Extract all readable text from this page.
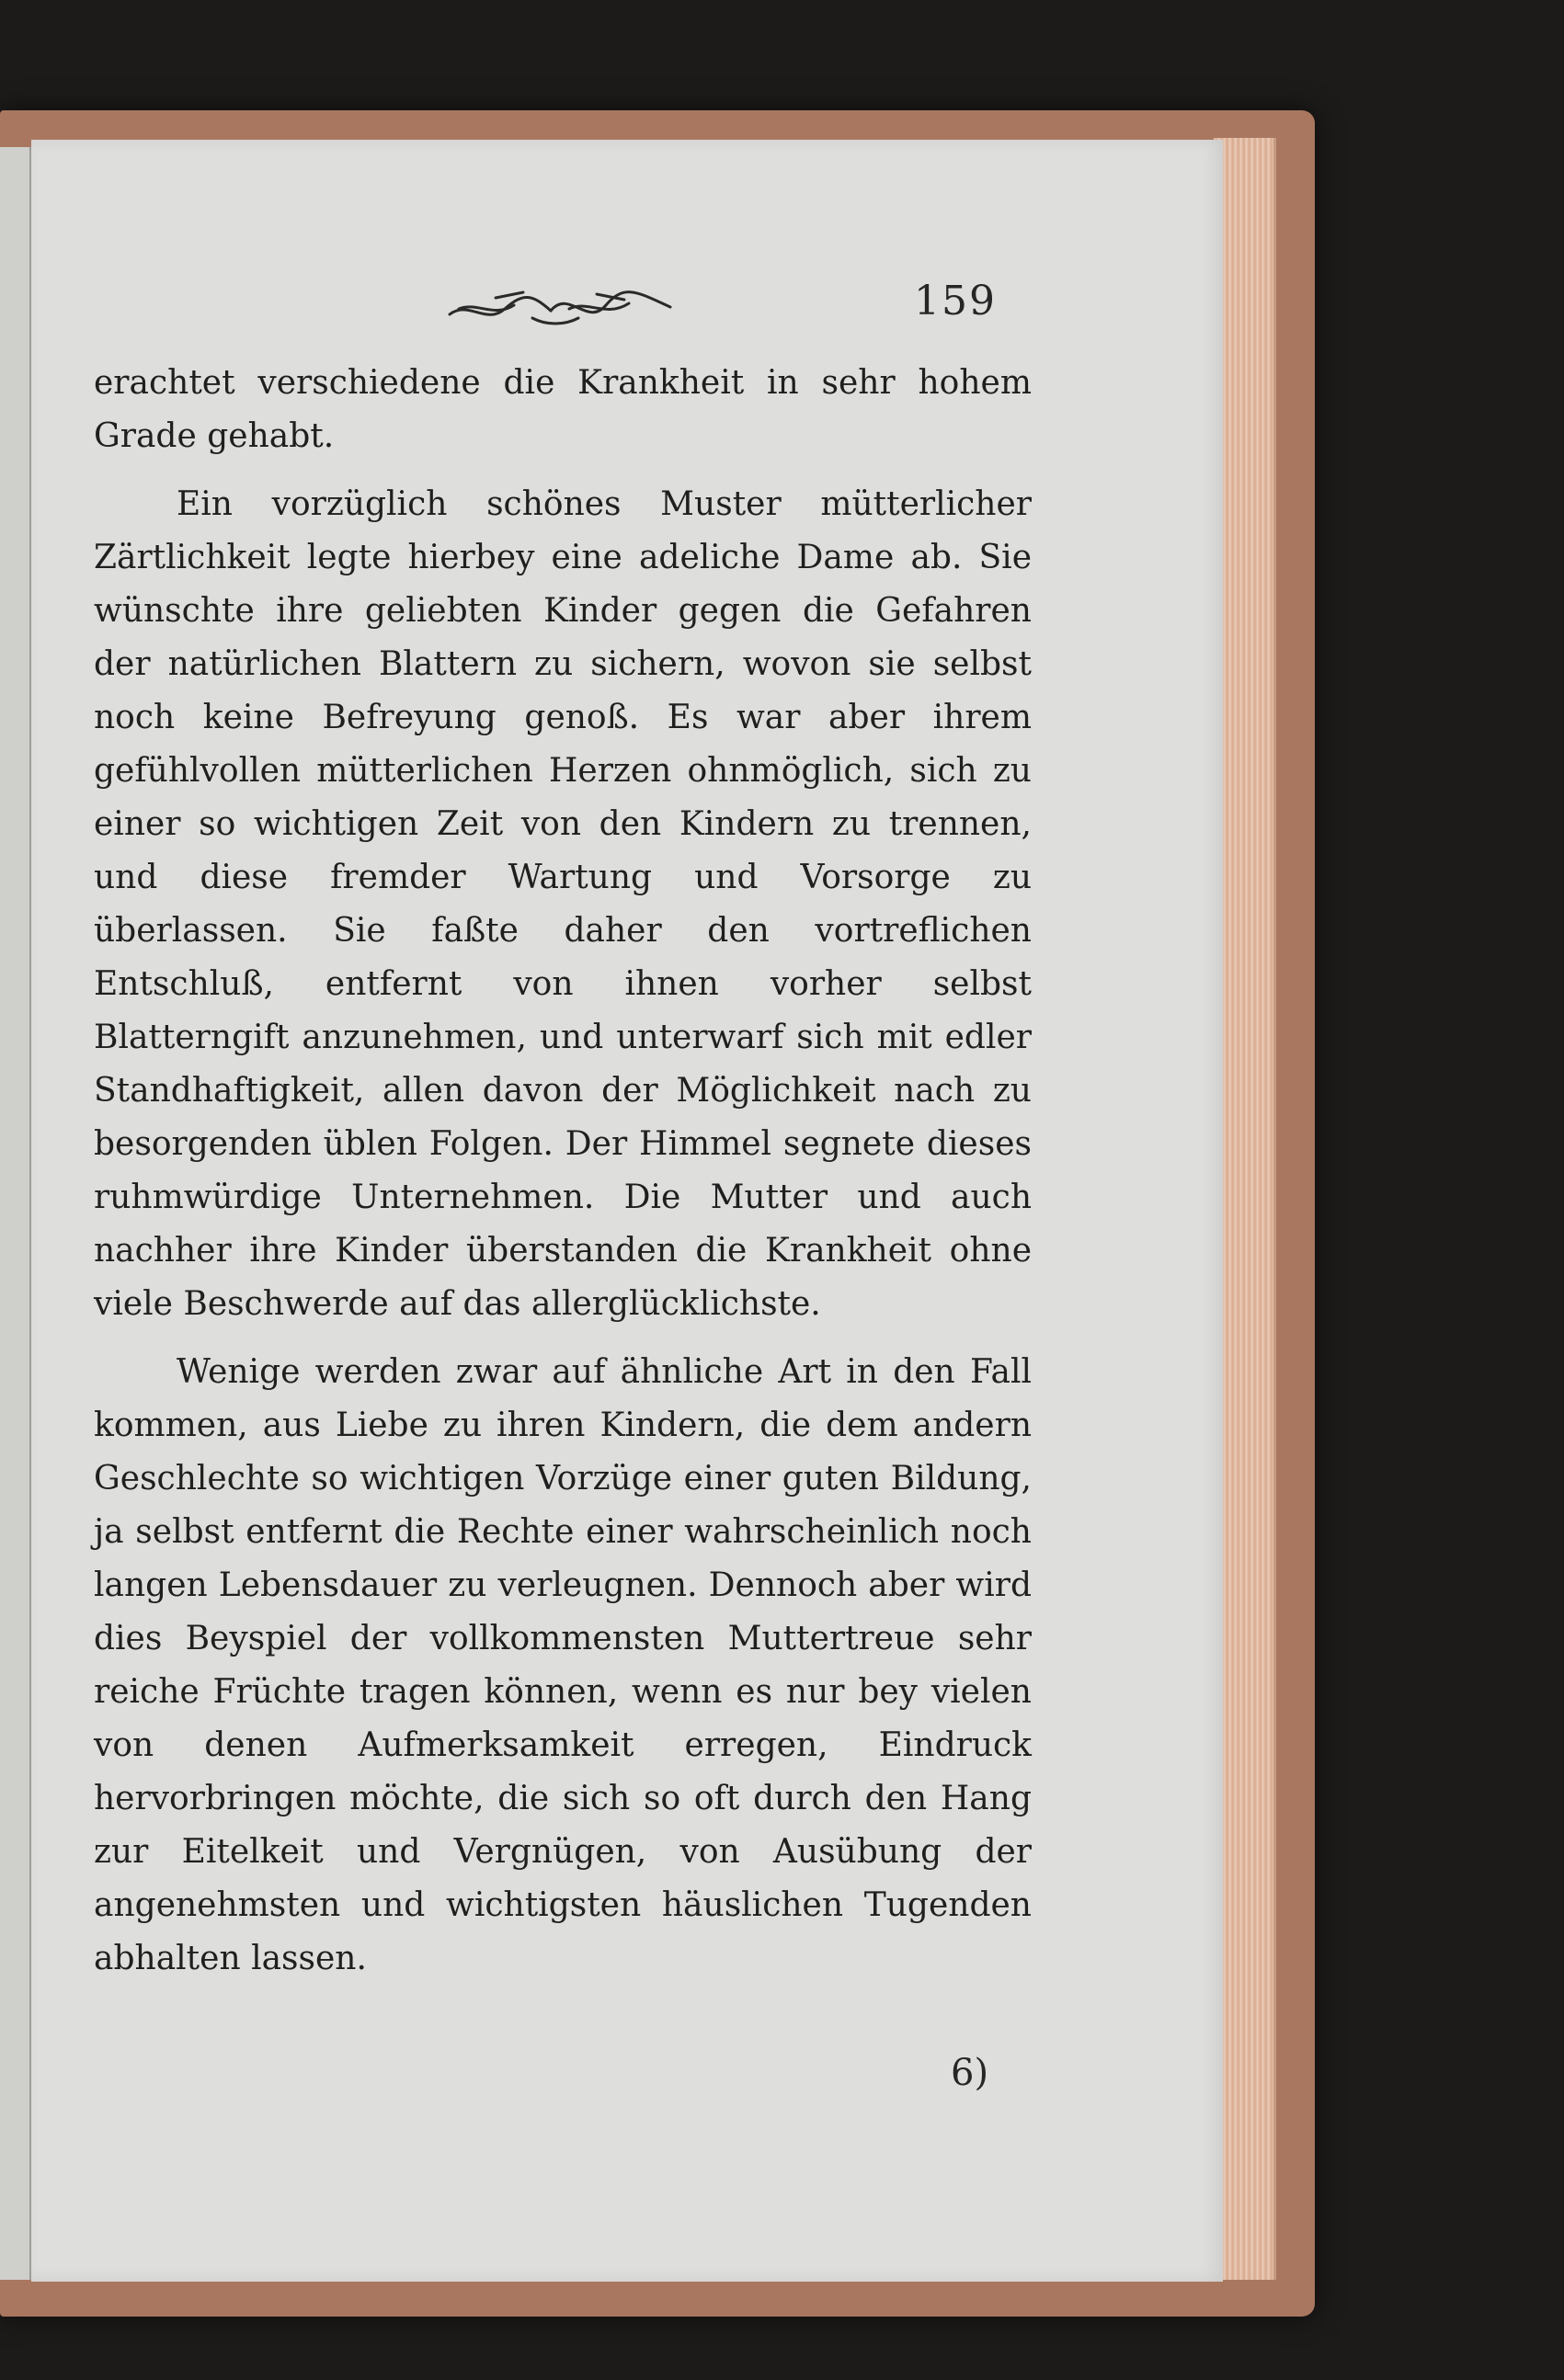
159

erachtet verschiedene die Krankheit in sehr hohem Grade gehabt.

Ein vorzüglich schönes Muster mütterlicher Zärtlichkeit legte hierbey eine adeliche Dame ab. Sie wünschte ihre geliebten Kinder gegen die Gefahren der natürlichen Blattern zu sichern, wovon sie selbst noch keine Befreyung genoß. Es war aber ihrem gefühlvollen mütterlichen Herzen ohnmöglich, sich zu einer so wichtigen Zeit von den Kindern zu trennen, und diese fremder Wartung und Vorsorge zu überlassen. Sie faßte daher den vortreflichen Entschluß, entfernt von ihnen vorher selbst Blatterngift anzunehmen, und unterwarf sich mit edler Standhaftigkeit, allen davon der Möglichkeit nach zu besorgenden üblen Folgen. Der Himmel segnete dieses ruhmwürdige Unternehmen. Die Mutter und auch nachher ihre Kinder überstanden die Krankheit ohne viele Beschwerde auf das allerglücklichste.

Wenige werden zwar auf ähnliche Art in den Fall kommen, aus Liebe zu ihren Kindern, die dem andern Geschlechte so wichtigen Vorzüge einer guten Bildung, ja selbst entfernt die Rechte einer wahrscheinlich noch langen Lebensdauer zu verleugnen. Dennoch aber wird dies Beyspiel der vollkommensten Muttertreue sehr reiche Früchte tragen können, wenn es nur bey vielen von denen Aufmerksamkeit erregen, Eindruck hervorbringen möchte, die sich so oft durch den Hang zur Eitelkeit und Vergnügen, von Ausübung der angenehmsten und wichtigsten häuslichen Tugenden abhalten lassen.

6)
